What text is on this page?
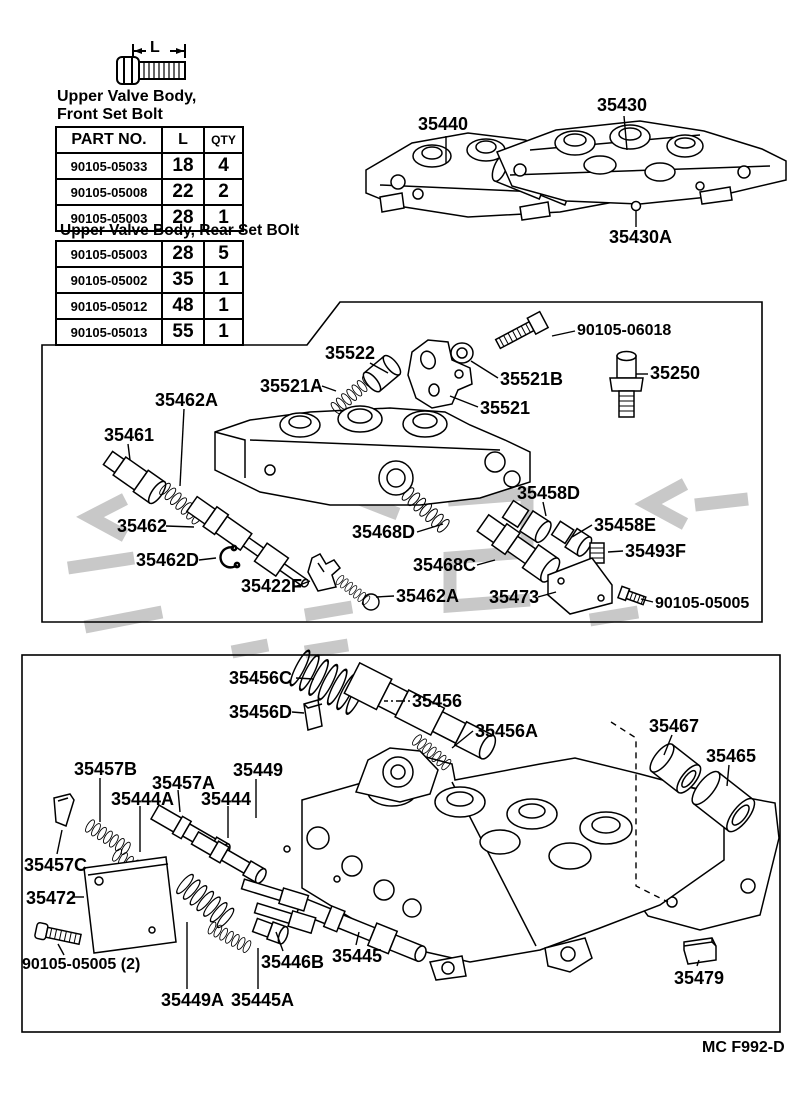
L
Upper Valve Body,
Front Set Bolt
PART NO.	L	QTY
90105-05033	18	4
90105-05008	22	2
90105-05003	28	1
Upper Valve Body, Rear Set BOlt
90105-05003	28	5
90105-05002	35	1
90105-05012	48	1
90105-05013	55	1
35440
35430
35430A
90105-06018
35522
35521A	35521B
35521
35250
35462A
35461
35462
35462D
35422F	35462A
35468D
35458D
35458E
35493F
35468C
35473	90105-05005
35456C
35456
35456D
35456A	35467
35465
35457B
35457A
35449
35444A 35444
35457C
35472
90105-05005 (2)	35446B 35445
35449A 35445A
35479
MC F992-D
